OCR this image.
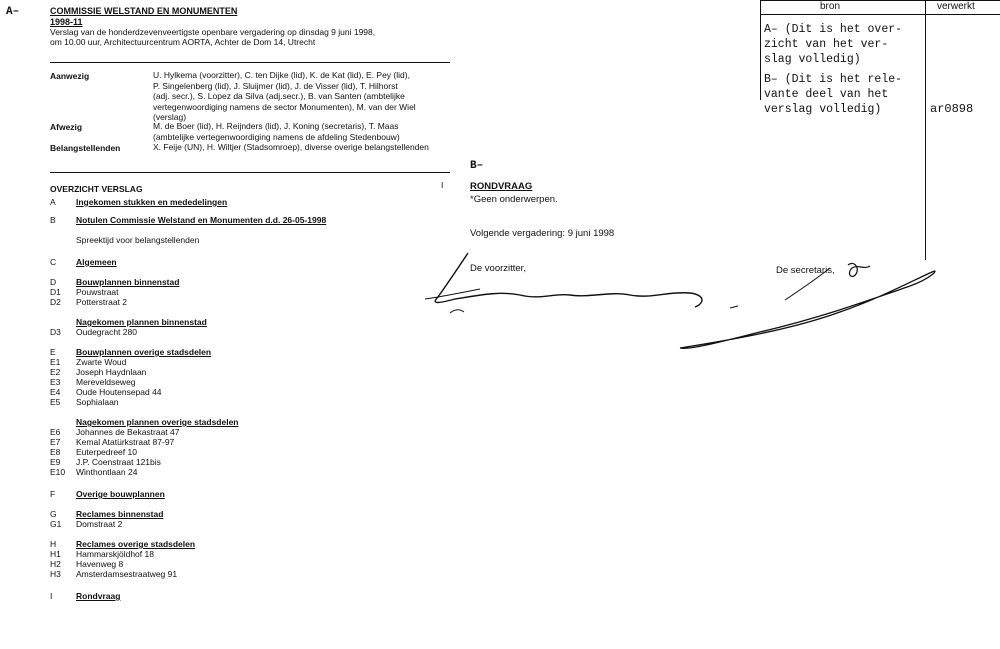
A–
B–
COMMISSIE WELSTAND EN MONUMENTEN
1998-11
Verslag van de honderdzevenveertigste openbare vergadering op dinsdag 9 juni 1998,
om 10.00 uur, Architectuurcentrum AORTA, Achter de Dom 14, Utrecht
Aanwezig	U. Hylkema (voorzitter), C. ten Dijke (lid), K. de Kat (lid), E. Pey (lid),
P. Singelenberg (lid), J. Sluijmer (lid), J. de Visser (lid), T. Hilhorst
(adj. secr.), S. Lopez da Silva (adj.secr.), B. van Santen (ambtelijke
vertegenwoordiging namens de sector Monumenten), M. van der Wiel
(verslag)
Afwezig	M. de Boer (lid), H. Reijnders (lid), J. Koning (secretaris), T. Maas
(ambtelijke vertegenwoordiging namens de afdeling Stedenbouw)
Belangstellenden	X. Feije (UN), H. Wiltjer (Stadsomroep), diverse overige belangstellenden
OVERZICHT VERSLAG
A Ingekomen stukken en mededelingen
B Notulen Commissie Welstand en Monumenten d.d. 26-05-1998
Spreektijd voor belangstellenden
C Algemeen
D Bouwplannen binnenstad
D1 Pouwstraat
D2 Potterstraat 2
Nagekomen plannen binnenstad
D3 Oudegracht 280
E Bouwplannen overige stadsdelen
E1 Zwarte Woud
E2 Joseph Haydnlaan
E3 Mereveldseweg
E4 Oude Houtensepad 44
E5 Sophialaan
Nagekomen plannen overige stadsdelen
E6 Johannes de Bekastraat 47
E7 Kemal Atatürkstraat 87-97
E8 Euterpedreef 10
E9 J.P. Coenstraat 121bis
E10 Winthontlaan 24
F Overige bouwplannen
G Reclames binnenstad
G1 Domstraat 2
H Reclames overige stadsdelen
H1 Hammarskjöldhof 18
H2 Havenweg 8
H3 Amsterdamsestraatweg 91
I	Rondvraag
I	RONDVRAAG
*Geen onderwerpen.
Volgende vergadering: 9 juni 1998
De voorzitter,	De secretaris,
bron	verwerkt
A– (Dit is het over-
zicht van het ver-
slag volledig)
B– (Dit is het rele-
vante deel van het
verslag volledig)	ar0898
